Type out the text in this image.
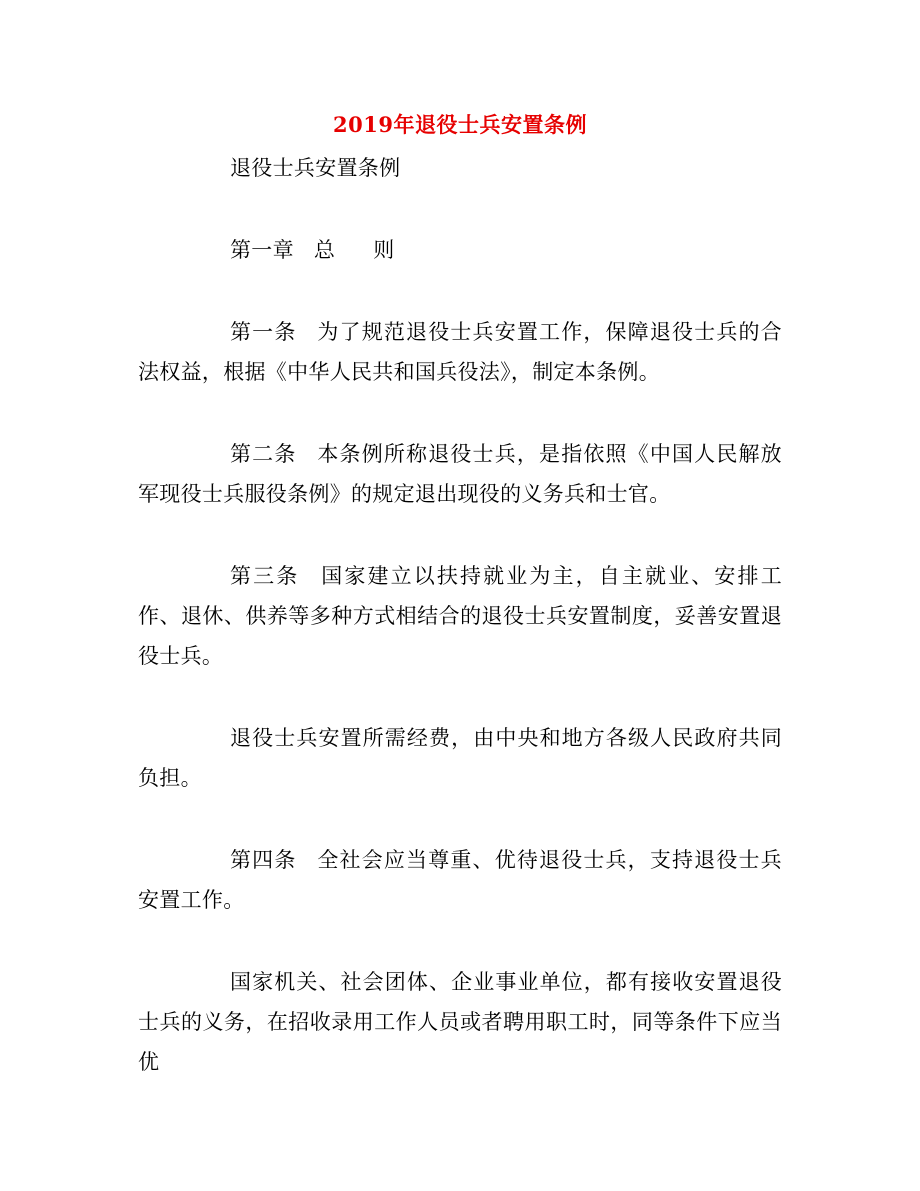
2019年退役士兵安置条例

退役士兵安置条例

第一章 总 则

第一条 为了规范退役士兵安置工作，保障退役士兵的合法权益，根据《中华人民共和国兵役法》，制定本条例。

第二条 本条例所称退役士兵，是指依照《中国人民解放军现役士兵服役条例》的规定退出现役的义务兵和士官。

第三条 国家建立以扶持就业为主，自主就业、安排工作、退休、供养等多种方式相结合的退役士兵安置制度，妥善安置退役士兵。

退役士兵安置所需经费，由中央和地方各级人民政府共同负担。

第四条 全社会应当尊重、优待退役士兵，支持退役士兵安置工作。

国家机关、社会团体、企业事业单位，都有接收安置退役士兵的义务，在招收录用工作人员或者聘用职工时，同等条件下应当优
